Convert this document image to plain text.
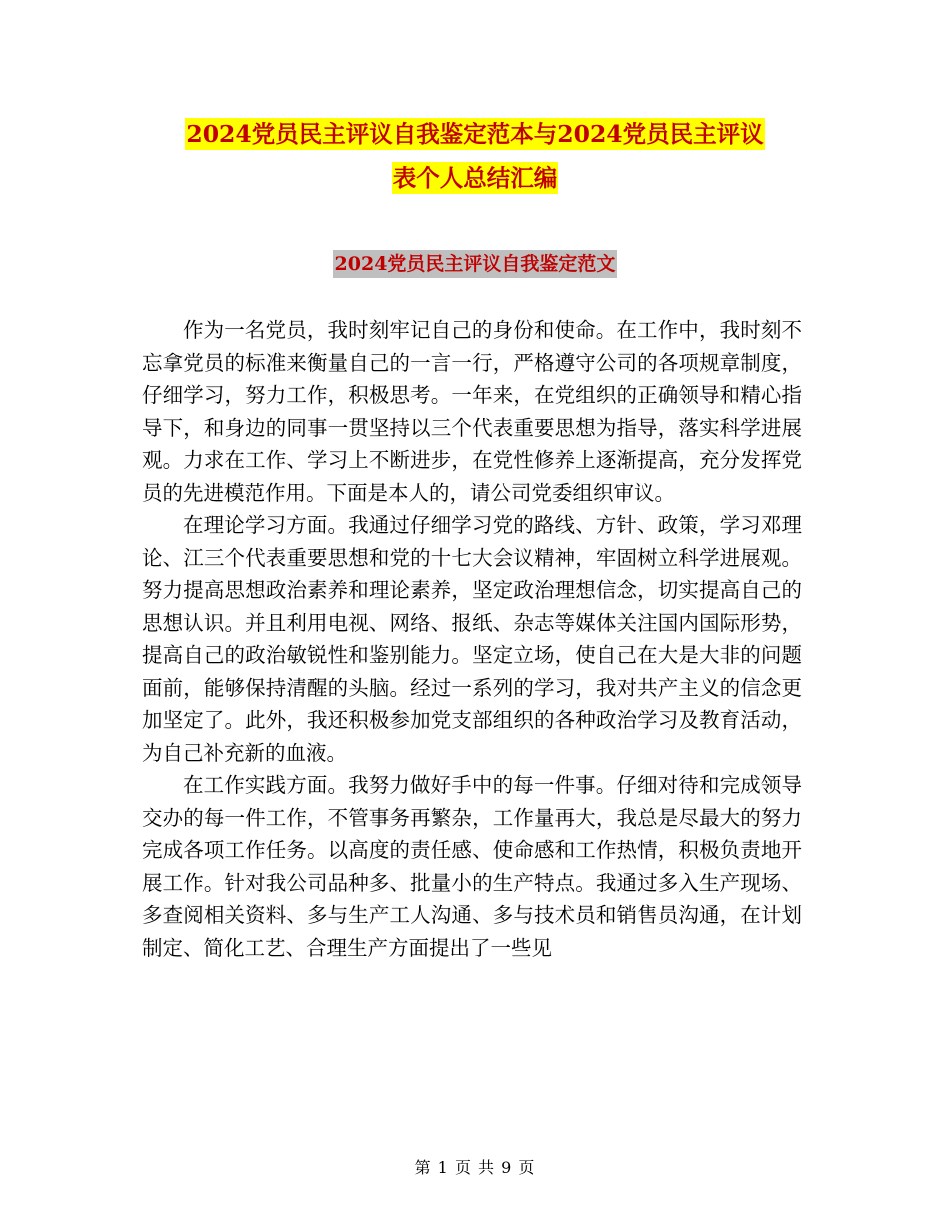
2024党员民主评议自我鉴定范本与2024党员民主评议
表个人总结汇编
2024党员民主评议自我鉴定范文

作为一名党员，我时刻牢记自己的身份和使命。在工作中，我时刻不忘拿党员的标准来衡量自己的一言一行，严格遵守公司的各项规章制度，仔细学习，努力工作，积极思考。一年来，在党组织的正确领导和精心指导下，和身边的同事一贯坚持以三个代表重要思想为指导，落实科学进展观。力求在工作、学习上不断进步，在党性修养上逐渐提高，充分发挥党员的先进模范作用。下面是本人的，请公司党委组织审议。

在理论学习方面。我通过仔细学习党的路线、方针、政策，学习邓理论、江三个代表重要思想和党的十七大会议精神，牢固树立科学进展观。努力提高思想政治素养和理论素养，坚定政治理想信念，切实提高自己的思想认识。并且利用电视、网络、报纸、杂志等媒体关注国内国际形势，提高自己的政治敏锐性和鉴别能力。坚定立场，使自己在大是大非的问题面前，能够保持清醒的头脑。经过一系列的学习，我对共产主义的信念更加坚定了。此外，我还积极参加党支部组织的各种政治学习及教育活动，为自己补充新的血液。

在工作实践方面。我努力做好手中的每一件事。仔细对待和完成领导交办的每一件工作，不管事务再繁杂，工作量再大，我总是尽最大的努力完成各项工作任务。以高度的责任感、使命感和工作热情，积极负责地开展工作。针对我公司品种多、批量小的生产特点。我通过多入生产现场、多查阅相关资料、多与生产工人沟通、多与技术员和销售员沟通，在计划制定、简化工艺、合理生产方面提出了一些见

第 1 页 共 9 页
